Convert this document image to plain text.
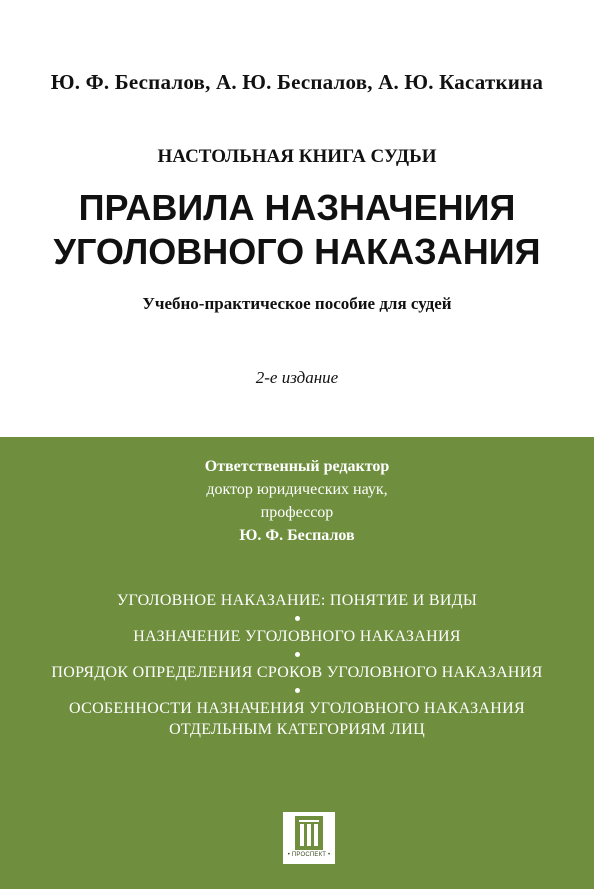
Ю. Ф. Беспалов, А. Ю. Беспалов, А. Ю. Касаткина
НАСТОЛЬНАЯ КНИГА СУДЬИ
ПРАВИЛА НАЗНАЧЕНИЯ
УГОЛОВНОГО НАКАЗАНИЯ
Учебно-практическое пособие для судей
2-е издание
Ответственный редактор
доктор юридических наук,
профессор
Ю. Ф. Беспалов
УГОЛОВНОЕ НАКАЗАНИЕ: ПОНЯТИЕ И ВИДЫ
НАЗНАЧЕНИЕ УГОЛОВНОГО НАКАЗАНИЯ
ПОРЯДОК ОПРЕДЕЛЕНИЯ СРОКОВ УГОЛОВНОГО НАКАЗАНИЯ
ОСОБЕННОСТИ НАЗНАЧЕНИЯ УГОЛОВНОГО НАКАЗАНИЯ
ОТДЕЛЬНЫМ КАТЕГОРИЯМ ЛИЦ
• ПРОСПЕКТ •
